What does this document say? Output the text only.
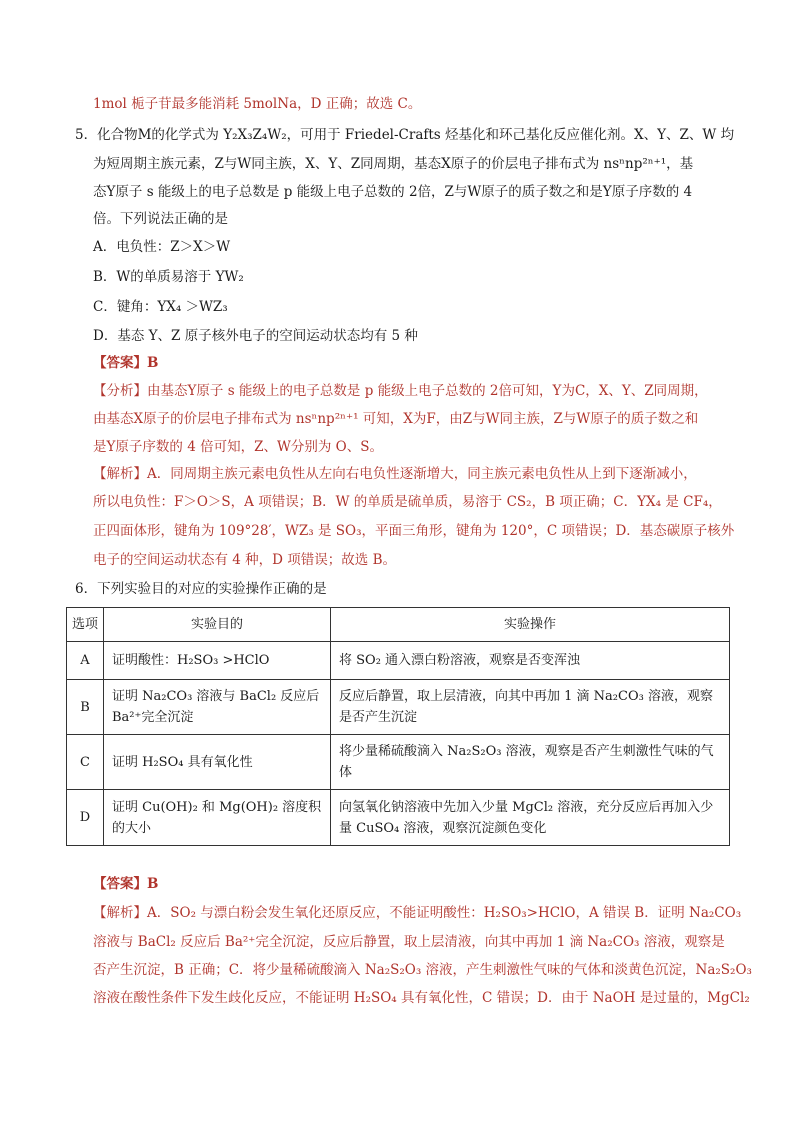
1mol 栀子苷最多能消耗 5molNa，D 正确；故选 C。
5．化合物M的化学式为 Y₂X₃Z₄W₂，可用于 Friedel-Crafts 烃基化和环己基化反应催化剂。X、Y、Z、W 均
为短周期主族元素，Z与W同主族，X、Y、Z同周期，基态X原子的价层电子排布式为 nsⁿnp²ⁿ⁺¹，基
态Y原子 s 能级上的电子总数是 p 能级上电子总数的 2倍，Z与W原子的质子数之和是Y原子序数的 4
倍。下列说法正确的是
A．电负性：Z＞X＞W
B．W的单质易溶于 YW₂
C．键角：YX₄ ＞WZ₃
D．基态 Y、Z 原子核外电子的空间运动状态均有 5 种
【答案】B
【分析】由基态Y原子 s 能级上的电子总数是 p 能级上电子总数的 2倍可知，Y为C，X、Y、Z同周期，
由基态X原子的价层电子排布式为 nsⁿnp²ⁿ⁺¹ 可知，X为F，由Z与W同主族，Z与W原子的质子数之和
是Y原子序数的 4 倍可知，Z、W分别为 O、S。
【解析】A．同周期主族元素电负性从左向右电负性逐渐增大，同主族元素电负性从上到下逐渐减小，
所以电负性：F＞O＞S，A 项错误；B．W 的单质是硫单质，易溶于 CS₂，B 项正确；C．YX₄ 是 CF₄，
正四面体形，键角为 109°28′，WZ₃ 是 SO₃，平面三角形，键角为 120°，C 项错误；D．基态碳原子核外
电子的空间运动状态有 4 种，D 项错误；故选 B。
6．下列实验目的对应的实验操作正确的是
选项	实验目的	实验操作
A	证明酸性：H₂SO₃ >HClO	将 SO₂ 通入漂白粉溶液，观察是否变浑浊
B	证明 Na₂CO₃ 溶液与 BaCl₂ 反应后 Ba²⁺完全沉淀	反应后静置，取上层清液，向其中再加 1 滴 Na₂CO₃ 溶液，观察是否产生沉淀
C	证明 H₂SO₄ 具有氧化性	将少量稀硫酸滴入 Na₂S₂O₃ 溶液，观察是否产生刺激性气味的气体
D	证明 Cu(OH)₂ 和 Mg(OH)₂ 溶度积的大小	向氢氧化钠溶液中先加入少量 MgCl₂ 溶液，充分反应后再加入少量 CuSO₄ 溶液，观察沉淀颜色变化
【答案】B
【解析】A．SO₂ 与漂白粉会发生氧化还原反应，不能证明酸性：H₂SO₃>HClO，A 错误 B．证明 Na₂CO₃
溶液与 BaCl₂ 反应后 Ba²⁺完全沉淀，反应后静置，取上层清液，向其中再加 1 滴 Na₂CO₃ 溶液，观察是
否产生沉淀，B 正确；C．将少量稀硫酸滴入 Na₂S₂O₃ 溶液，产生刺激性气味的气体和淡黄色沉淀，Na₂S₂O₃
溶液在酸性条件下发生歧化反应，不能证明 H₂SO₄ 具有氧化性，C 错误；D．由于 NaOH 是过量的，MgCl₂
